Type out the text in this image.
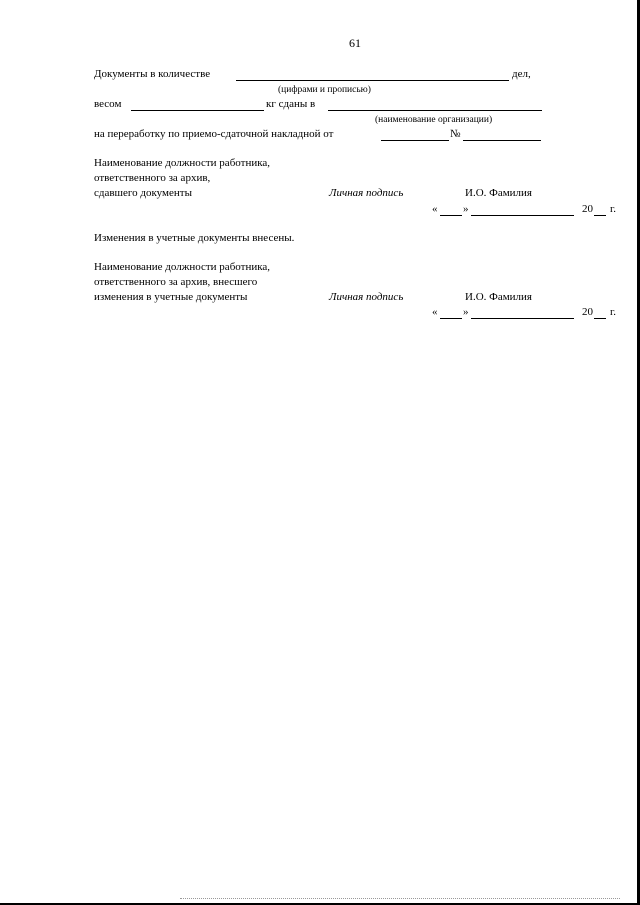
61
Документы в количестве	дел,
(цифрами и прописью)
весом	кг сданы в
(наименование организации)
на переработку по приемо-сдаточной накладной от	№
Наименование должности работника,
ответственного за архив,
сдавшего документы	Личная подпись	И.О. Фамилия
« »	20 г.
Изменения в учетные документы внесены.
Наименование должности работника,
ответственного за архив, внесшего
изменения в учетные документы	Личная подпись	И.О. Фамилия
« »	20 г.
